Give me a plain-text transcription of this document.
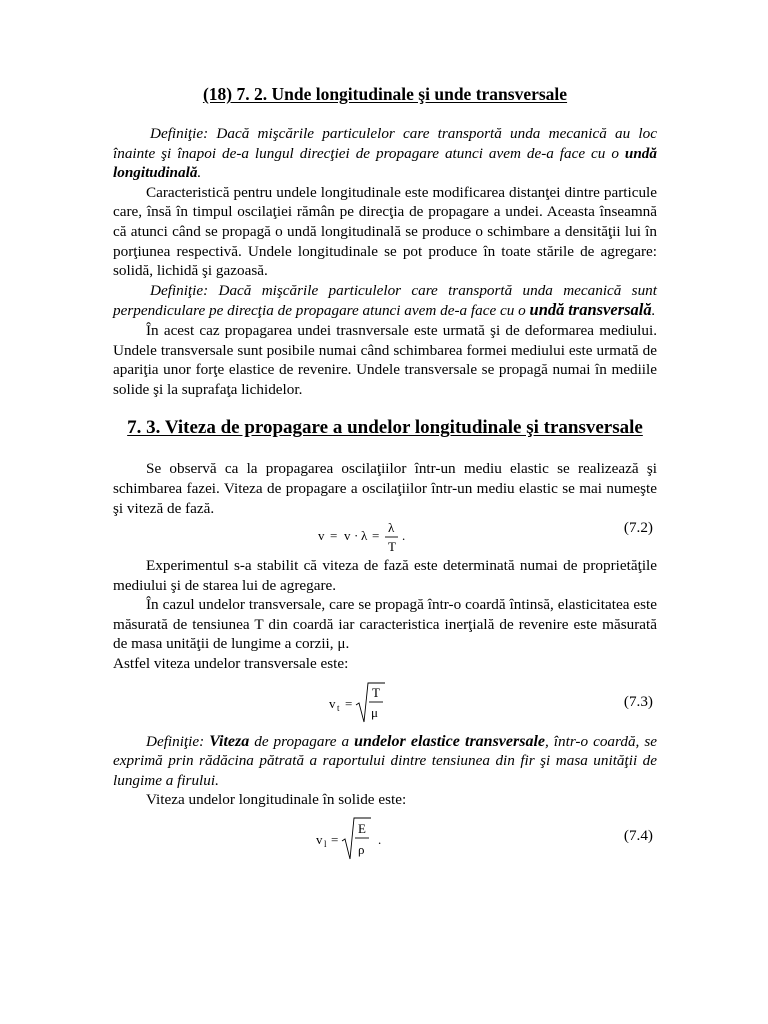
(18) 7. 2. Unde longitudinale şi unde transversale

Definiţie: Dacă mişcările particulelor care transportă unda mecanică au loc înainte şi înapoi de-a lungul direcţiei de propagare atunci avem de-a face cu o undă longitudinală.

Caracteristică pentru undele longitudinale este modificarea distanţei dintre particule care, însă în timpul oscilaţiei rămân pe direcţia de propagare a undei. Aceasta înseamnă că atunci când se propagă o undă longitudinală se produce o schimbare a densităţii lui în porţiunea respectivă. Undele longitudinale se pot produce în toate stările de agregare: solidă, lichidă şi gazoasă.

Definiţie: Dacă mişcările particulelor care transportă unda mecanică sunt perpendiculare pe direcţia de propagare atunci avem de-a face cu o undă transversală.

În acest caz propagarea undei trasnversale este urmată şi de deformarea mediului. Undele transversale sunt posibile numai când schimbarea formei mediului este urmată de apariţia unor forţe elastice de revenire. Undele transversale se propagă numai în mediile solide şi la suprafaţa lichidelor.

7. 3. Viteza de propagare a undelor longitudinale şi transversale

Se observă ca la propagarea oscilaţiilor într-un mediu elastic se realizează şi schimbarea fazei. Viteza de propagare a oscilaţiilor într-un mediu elastic se mai numeşte şi viteză de fază.

v = v · λ =
λ
T
.	(7.2)

Experimentul s-a stabilit că viteza de fază este determinată numai de proprietăţile mediului şi de starea lui de agregare.

În cazul undelor transversale, care se propagă într-o coardă întinsă, elasticitatea este măsurată de tensiunea T din coardă iar caracteristica inerţială de revenire este măsurată de masa unităţii de lungime a corzii, μ.

Astfel viteza undelor transversale este:

v t =
T
μ
(7.3)

Definiţie: Viteza de propagare a undelor elastice transversale, într-o coardă, se exprimă prin rădăcina pătrată a raportului dintre tensiunea din fir şi masa unităţii de lungime a firului.

Viteza undelor longitudinale în solide este:

v l =
E
ρ
.	(7.4)
